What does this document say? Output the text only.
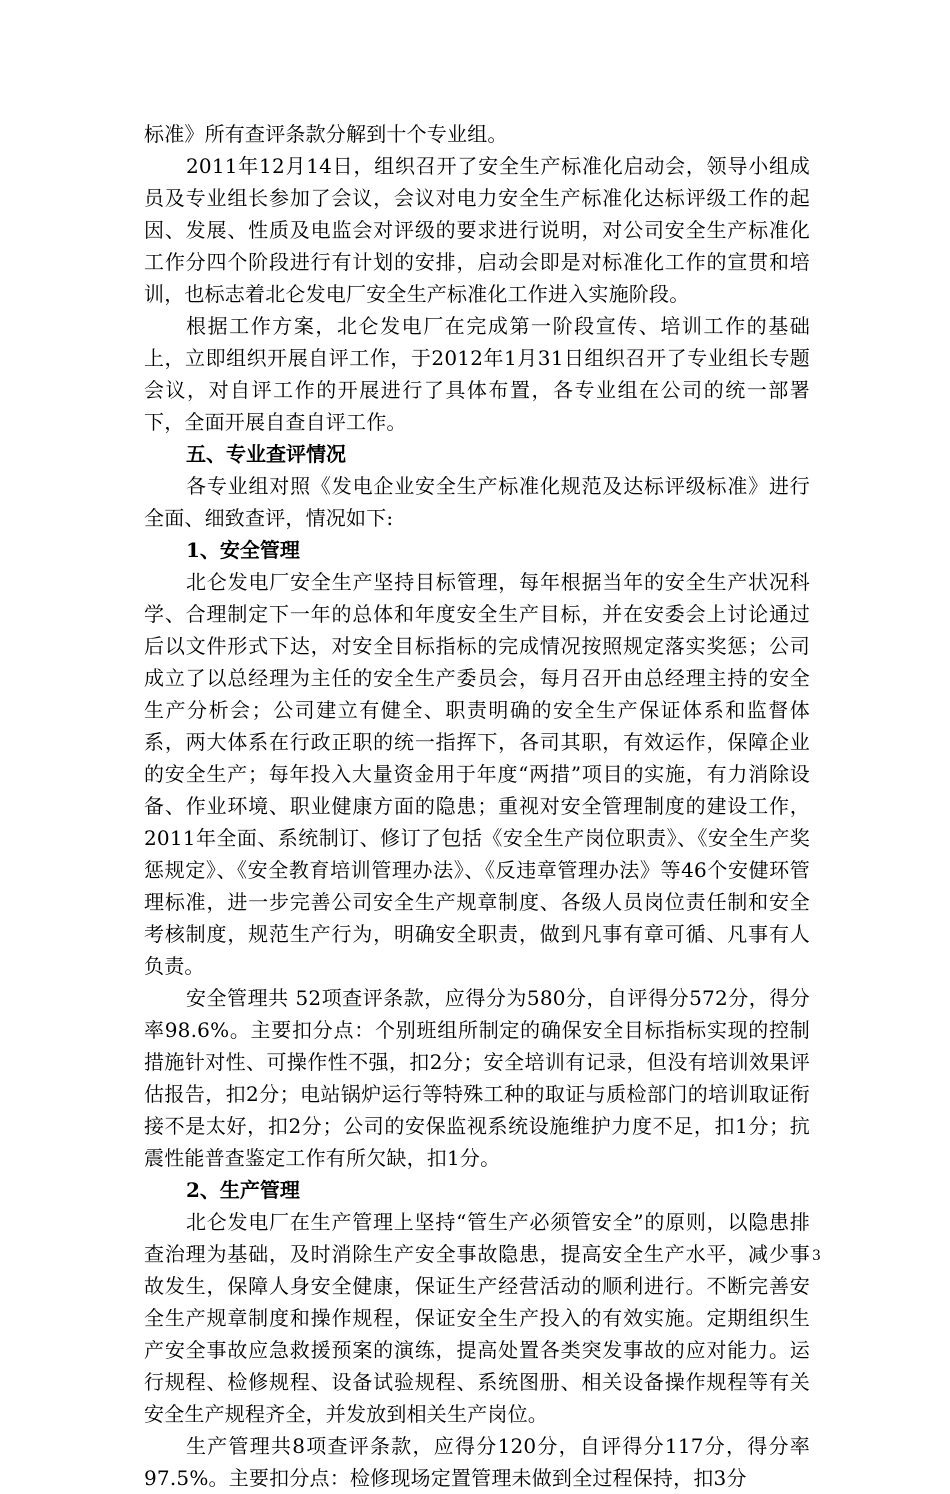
标准》所有查评条款分解到十个专业组。

2011年12月14日，组织召开了安全生产标准化启动会，领导小组成员及专业组长参加了会议，会议对电力安全生产标准化达标评级工作的起因、发展、性质及电监会对评级的要求进行说明，对公司安全生产标准化工作分四个阶段进行有计划的安排，启动会即是对标准化工作的宣贯和培训，也标志着北仑发电厂安全生产标准化工作进入实施阶段。

根据工作方案，北仑发电厂在完成第一阶段宣传、培训工作的基础上，立即组织开展自评工作，于2012年1月31日组织召开了专业组长专题会议，对自评工作的开展进行了具体布置，各专业组在公司的统一部署下，全面开展自查自评工作。

五、专业查评情况

各专业组对照《发电企业安全生产标准化规范及达标评级标准》进行全面、细致查评，情况如下:

1、安全管理

北仑发电厂安全生产坚持目标管理，每年根据当年的安全生产状况科学、合理制定下一年的总体和年度安全生产目标，并在安委会上讨论通过后以文件形式下达，对安全目标指标的完成情况按照规定落实奖惩；公司成立了以总经理为主任的安全生产委员会，每月召开由总经理主持的安全生产分析会；公司建立有健全、职责明确的安全生产保证体系和监督体系，两大体系在行政正职的统一指挥下，各司其职，有效运作，保障企业的安全生产；每年投入大量资金用于年度“两措”项目的实施，有力消除设备、作业环境、职业健康方面的隐患；重视对安全管理制度的建设工作，2011年全面、系统制订、修订了包括《安全生产岗位职责》、《安全生产奖惩规定》、《安全教育培训管理办法》、《反违章管理办法》等46个安健环管理标准，进一步完善公司安全生产规章制度、各级人员岗位责任制和安全考核制度，规范生产行为，明确安全职责，做到凡事有章可循、凡事有人负责。

安全管理共 52项查评条款，应得分为580分，自评得分572分，得分率98.6%。主要扣分点：个别班组所制定的确保安全目标指标实现的控制措施针对性、可操作性不强，扣2分；安全培训有记录，但没有培训效果评估报告，扣2分；电站锅炉运行等特殊工种的取证与质检部门的培训取证衔接不是太好，扣2分；公司的安保监视系统设施维护力度不足，扣1分；抗震性能普查鉴定工作有所欠缺，扣1分。

2、生产管理

北仑发电厂在生产管理上坚持“管生产必须管安全”的原则，以隐患排查治理为基础，及时消除生产安全事故隐患，提高安全生产水平，减少事故发生，保障人身安全健康，保证生产经营活动的顺利进行。不断完善安全生产规章制度和操作规程，保证安全生产投入的有效实施。定期组织生产安全事故应急救援预案的演练，提高处置各类突发事故的应对能力。运行规程、检修规程、设备试验规程、系统图册、相关设备操作规程等有关安全生产规程齐全，并发放到相关生产岗位。

生产管理共8项查评条款，应得分120分，自评得分117分，得分率97.5%。主要扣分点：检修现场定置管理未做到全过程保持，扣3分

3
